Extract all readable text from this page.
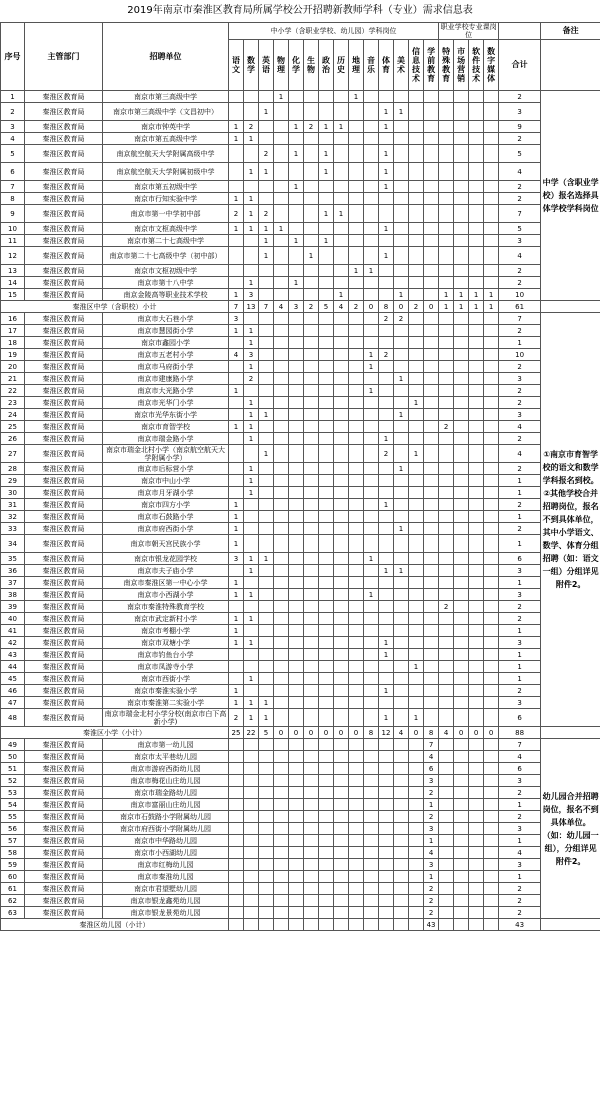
2019年南京市秦淮区教育局所属学校公开招聘新教师学科（专业）需求信息表
序号	主管部门	招聘单位	中小学（含职业学校、幼儿园）学科岗位														职业学校专业课岗位					备注
			语文	数学	英语	物理	化学	生物	政治	历史	地理	音乐	体育	美术	信息技术	学前教育	特殊教育	市场营销	软件技术	数字媒体	合计	
1	秦淮区教育局	南京市第三高级中学				1					1										2	中学（含职业学校）报名选择具体学校学科岗位
2	秦淮区教育局	南京市第三高级中学（文昌初中）			1								1	1							3	
3	秦淮区教育局	南京市钟英中学	1	2			1	2	1	1			1								9	
4	秦淮区教育局	南京市第五高级中学	1	1																	2	
5	秦淮区教育局	南京航空航天大学附属高级中学			2		1		1				1								5	
6	秦淮区教育局	南京航空航天大学附属初级中学		1	1				1				1								4	
7	秦淮区教育局	南京市第五初级中学					1						1								2	
8	秦淮区教育局	南京市行知实验中学	1	1																	2	
9	秦淮区教育局	南京市第一中学初中部	2	1	2				1	1											7	
10	秦淮区教育局	南京市文枢高级中学	1	1	1	1							1								5	
11	秦淮区教育局	南京市第二十七高级中学			1		1		1												3	
12	秦淮区教育局	南京市第二十七高级中学（初中部）			1			1					1								4	
13	秦淮区教育局	南京市文枢初级中学									1	1									2	
14	秦淮区教育局	南京市第十八中学		1			1														2	
15	秦淮区教育局	南京金陵高等职业技术学校	1	3						1				1			1	1	1	1	10	
秦淮区中学（含职校）小计			7	13	7	4	3	2	5	4	2	0	8	0	2	0	1	1	1	1	61	
16	秦淮区教育局	南京市大石巷小学	3										2	2							7	①南京市育智学校的语文和数学学科报名到校。②其他学校合并招聘岗位，报名不到具体单位，其中小学语文、数学、体育分组招聘（如：语文一组）分组详见附件2。
17	秦淮区教育局	南京市慧园街小学	1	1																	2	
18	秦淮区教育局	南京市鑫园小学		1																	1	
19	秦淮区教育局	南京市五老村小学	4	3								1	2								10	
20	秦淮区教育局	南京市马府街小学		1								1									2	
21	秦淮区教育局	南京市建康路小学		2										1							3	
22	秦淮区教育局	南京市大光路小学	1									1									2	
23	秦淮区教育局	南京市光华门小学		1											1						2	
24	秦淮区教育局	南京市光华东街小学		1	1									1							3	
25	秦淮区教育局	南京市育智学校	1	1													2				4	
26	秦淮区教育局	南京市瑞金路小学		1									1								2	
27	秦淮区教育局	南京市瑞金北村小学（南京航空航天大学附属小学）			1								2		1						4	
28	秦淮区教育局	南京市后标营小学		1										1							2	
29	秦淮区教育局	南京市中山小学		1																	1	
30	秦淮区教育局	南京市月牙湖小学		1																	1	
31	秦淮区教育局	南京市四方小学	1										1								2	
32	秦淮区教育局	南京市石鼓路小学	1																		1	
33	秦淮区教育局	南京市府西街小学	1											1							2	
34	秦淮区教育局	南京市朝天宫民族小学	1																		1	
35	秦淮区教育局	南京市银龙花园学校	3	1	1							1									6	
36	秦淮区教育局	南京市夫子庙小学		1									1	1							3	
37	秦淮区教育局	南京市秦淮区第一中心小学	1																		1	
38	秦淮区教育局	南京市小西湖小学	1	1								1									3	
39	秦淮区教育局	南京市秦淮特殊教育学校															2				2	
40	秦淮区教育局	南京市武定新村小学	1	1																	2	
41	秦淮区教育局	南京市考棚小学	1																		1	
42	秦淮区教育局	南京市双塘小学	1	1									1								3	
43	秦淮区教育局	南京市钓鱼台小学											1								1	
44	秦淮区教育局	南京市凤游寺小学													1						1	
45	秦淮区教育局	南京市西街小学		1																	1	
46	秦淮区教育局	南京市秦淮实验小学	1										1								2	
47	秦淮区教育局	南京市秦淮第二实验小学	1	1	1																3	
48	秦淮区教育局	南京市瑞金北村小学分校(南京市白下高新小学)	2	1	1								1		1						6	
秦淮区小学（小计）			25	22	5	0	0	0	0	0	0	8	12	4	0	8	4	0	0	0	88	
49	秦淮区教育局	南京市第一幼儿园														7					7	幼儿园合并招聘岗位，报名不到具体单位。（如：幼儿园一组），分组详见附件2。
50	秦淮区教育局	南京市太平巷幼儿园														4					4	
51	秦淮区教育局	南京市游府西街幼儿园														6					6	
52	秦淮区教育局	南京市梅花山庄幼儿园														3					3	
53	秦淮区教育局	南京市瑞金路幼儿园														2					2	
54	秦淮区教育局	南京市富丽山庄幼儿园														1					1	
55	秦淮区教育局	南京市石鼓路小学附属幼儿园														2					2	
56	秦淮区教育局	南京市府西街小学附属幼儿园														3					3	
57	秦淮区教育局	南京市中华路幼儿园														1					1	
58	秦淮区教育局	南京市小西湖幼儿园														4					4	
59	秦淮区教育局	南京市红梅幼儿园														3					3	
60	秦淮区教育局	南京市秦淮幼儿园														1					1	
61	秦淮区教育局	南京市君望墅幼儿园														2					2	
62	秦淮区教育局	南京市银龙鑫苑幼儿园														2					2	
63	秦淮区教育局	南京市银龙景苑幼儿园														2					2	
秦淮区幼儿园（小计）																43					43	
